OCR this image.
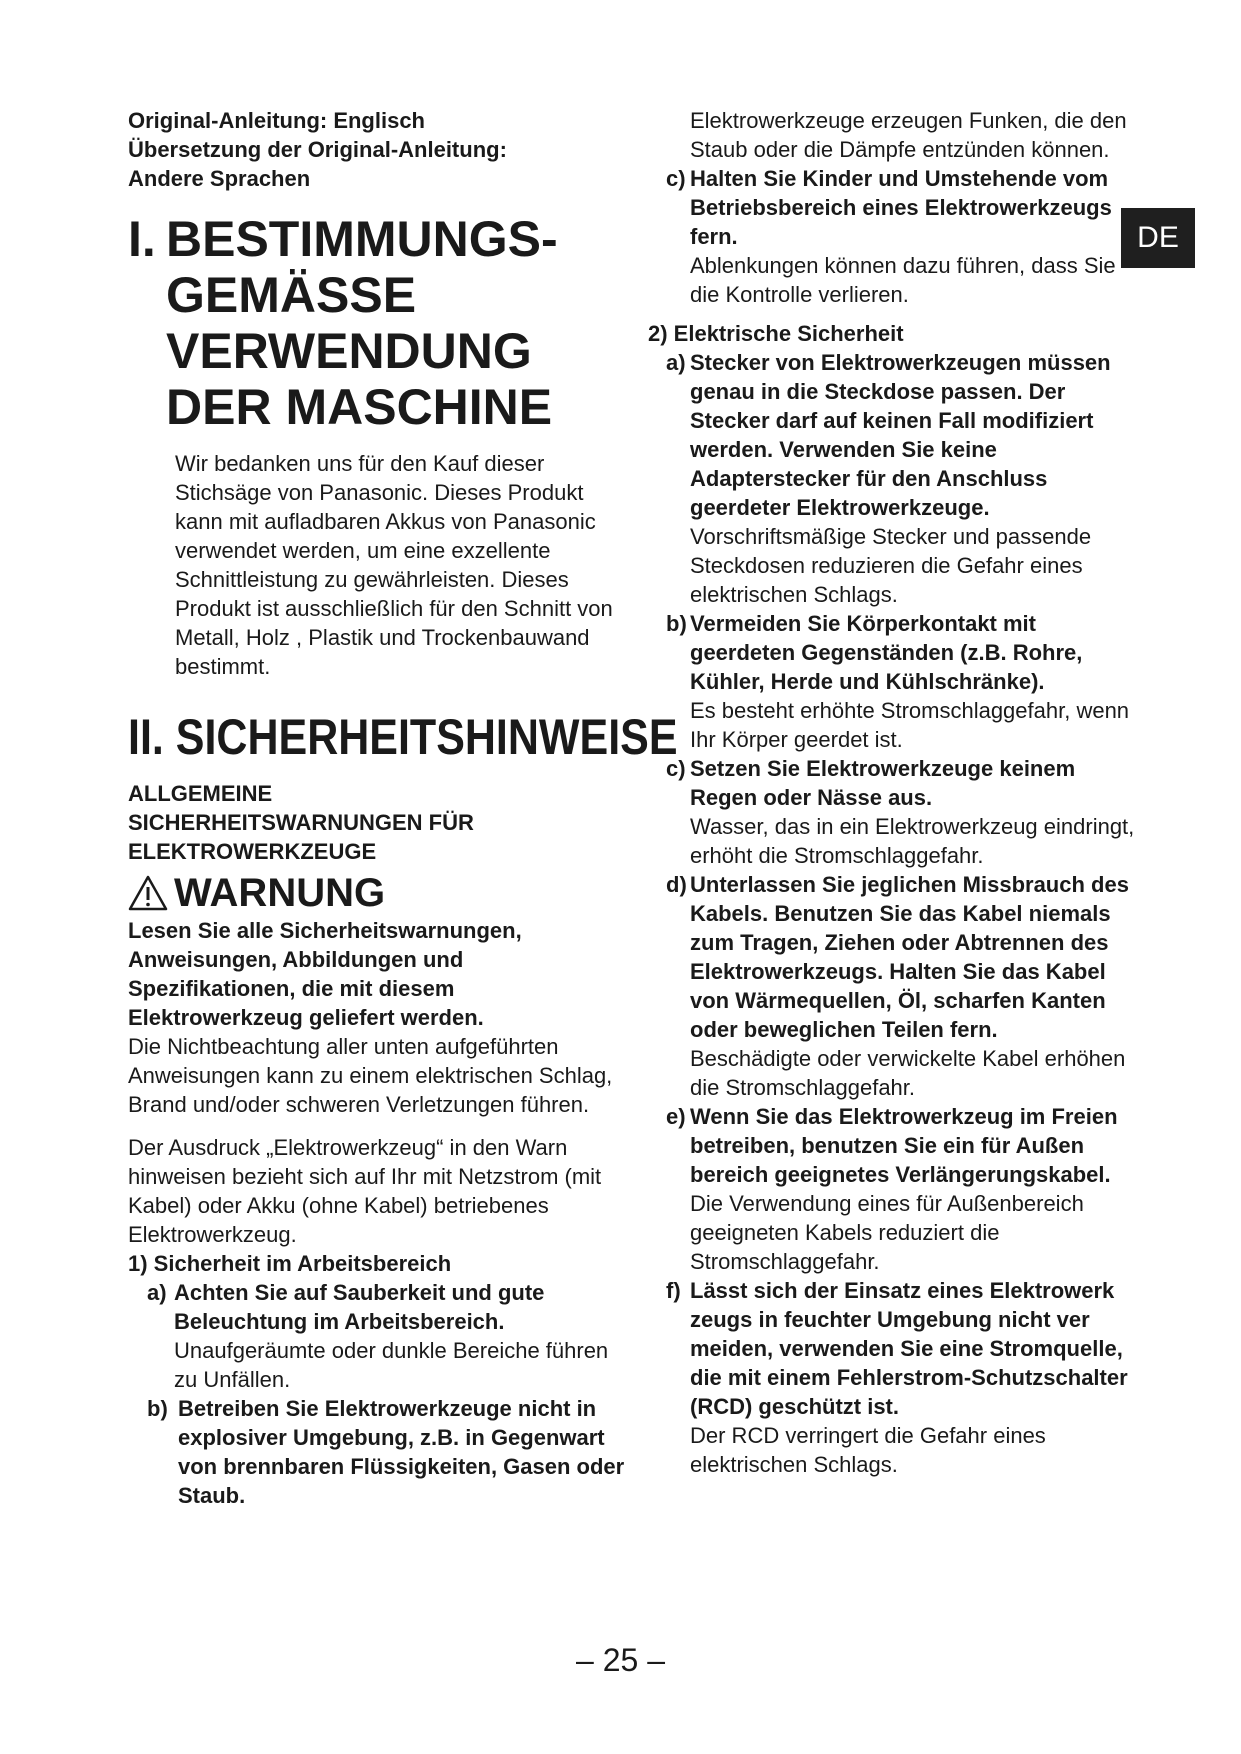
Original-Anleitung: Englisch
Übersetzung der Original-Anleitung:
Andere Sprachen
I. BESTIMMUNGS-
GEMÄSSE
VERWENDUNG
DER MASCHINE

Wir bedanken uns für den Kauf dieser Stichsäge von Panasonic. Dieses Produkt kann mit aufladbaren Akkus von Panasonic verwendet werden, um eine exzellente Schnittleistung zu gewährleisten. Dieses Produkt ist ausschließlich für den Schnitt von Metall, Holz , Plastik und Trockenbauwand bestimmt.

II. SICHERHEITSHINWEISE
ALLGEMEINE
SICHERHEITSWARNUNGEN FÜR
ELEKTROWERKZEUGE
WARNUNG

Lesen Sie alle Sicherheitswarnungen, Anweisungen, Abbildungen und Spezifikationen, die mit diesem Elektrowerkzeug geliefert werden.

Die Nichtbeachtung aller unten aufgeführten Anweisungen kann zu einem elektrischen Schlag, Brand und/oder schweren Verletzungen führen.

Der Ausdruck „Elektrowerkzeug“ in den Warn hinweisen bezieht sich auf Ihr mit Netzstrom (mit Kabel) oder Akku (ohne Kabel) betriebenes Elektrowerkzeug.

1) Sicherheit im Arbeitsbereich

a) Achten Sie auf Sauberkeit und gute Beleuchtung im Arbeitsbereich.
Unaufgeräumte oder dunkle Bereiche führen zu Unfällen.
b) Betreiben Sie Elektrowerkzeuge nicht in explosiver Umgebung, z.B. in Gegenwart von brennbaren Flüssigkeiten, Gasen oder Staub.
Elektrowerkzeuge erzeugen Funken, die den Staub oder die Dämpfe entzünden können.
c) Halten Sie Kinder und Umstehende vom Betriebsbereich eines Elektrowerkzeugs fern.
Ablenkungen können dazu führen, dass Sie die Kontrolle verlieren.

2) Elektrische Sicherheit

a) Stecker von Elektrowerkzeugen müssen genau in die Steckdose passen. Der Stecker darf auf keinen Fall modifiziert werden. Verwenden Sie keine Adapterstecker für den Anschluss geerdeter Elektrowerkzeuge.
Vorschriftsmäßige Stecker und passende Steckdosen reduzieren die Gefahr eines elektrischen Schlags.
b) Vermeiden Sie Körperkontakt mit geerdeten Gegenständen (z.B. Rohre, Kühler, Herde und Kühlschränke).
Es besteht erhöhte Stromschlaggefahr, wenn Ihr Körper geerdet ist.
c) Setzen Sie Elektrowerkzeuge keinem Regen oder Nässe aus.
Wasser, das in ein Elektrowerkzeug eindringt, erhöht die Stromschlaggefahr.
d) Unterlassen Sie jeglichen Missbrauch des Kabels. Benutzen Sie das Kabel niemals zum Tragen, Ziehen oder Abtrennen des Elektrowerkzeugs. Halten Sie das Kabel von Wärmequellen, Öl, scharfen Kanten oder beweglichen Teilen fern.
Beschädigte oder verwickelte Kabel erhöhen die Stromschlaggefahr.
e) Wenn Sie das Elektrowerkzeug im Freien betreiben, benutzen Sie ein für Außen bereich geeignetes Verlängerungskabel.
Die Verwendung eines für Außenbereich geeigneten Kabels reduziert die Stromschlaggefahr.
f) Lässt sich der Einsatz eines Elektrowerk zeugs in feuchter Umgebung nicht ver meiden, verwenden Sie eine Stromquelle, die mit einem Fehlerstrom-Schutzschalter (RCD) geschützt ist.
Der RCD verringert die Gefahr eines elektrischen Schlags.
DE
– 25 –
